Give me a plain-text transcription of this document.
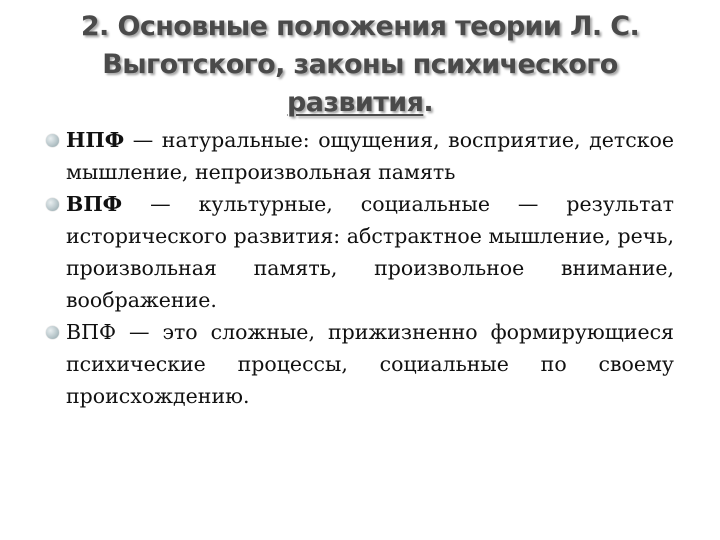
2. Основные положения теории Л. С.
Выготского, законы психического
развития.
НПФ — натуральные: ощущения, восприятие, детское мышление, непроизвольная память
ВПФ — культурные, социальные — результат исторического развития: абстрактное мышление, речь, произвольная память, произвольное внимание, воображение.
ВПФ — это сложные, прижизненно формирующиеся психические процессы, социальные по своему происхождению.
